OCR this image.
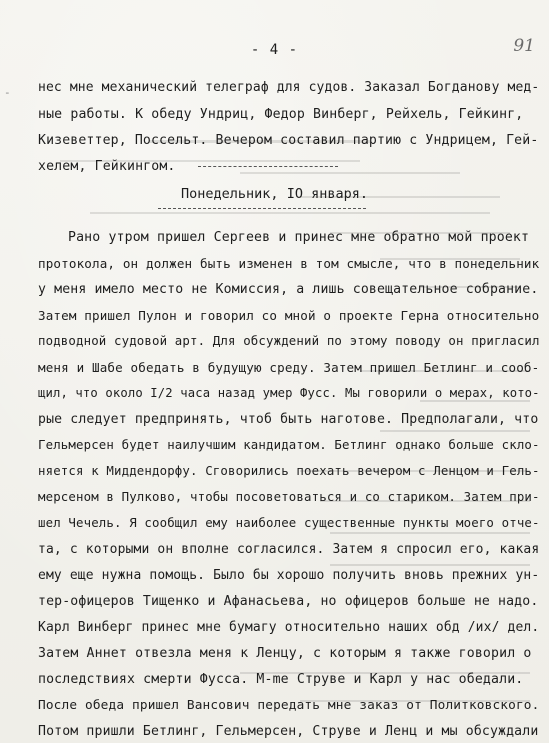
- 4 -	91
- нес мне механический телеграф для судов. Заказал Богданову мед-
ные работы. К обеду Ундриц, Федор Винберг, Рейхель, Гейкинг,
Кизеветтер, Поссельт. Вечером составил партию с Ундрицем, Гей-
хелем, Гейкингом.
Понедельник, IO января.
Рано утром пришел Сергеев и принес мне обратно мой проект
протокола, он должен быть изменен в том смысле, что в понедельник
у меня имело место не Комиссия, а лишь совещательное собрание.
Затем пришел Пулон и говорил со мной о проекте Герна относительно
подводной судовой арт. Для обсуждений по этому поводу он пригласил
меня и Шабе обедать в будущую среду. Затем пришел Бетлинг и сооб-
щил, что около I/2 часа назад умер Фусс. Мы говорили о мерах, кото-
рые следует предпринять, чтоб быть наготове. Предполагали, что
Гельмерсен будет наилучшим кандидатом. Бетлинг однако больше скло-
няется к Миддендорфу. Сговорились поехать вечером с Ленцом и Гель-
мерсеном в Пулково, чтобы посоветоваться и со стариком. Затем при-
шел Чечель. Я сообщил ему наиболее существенные пункты моего отче-
та, с которыми он вполне согласился. Затем я спросил его, какая
ему еще нужна помощь. Было бы хорошо получить вновь прежних ун-
тер-офицеров Тищенко и Афанасьева, но офицеров больше не надо.
Карл Винберг принес мне бумагу относительно наших обд /их/ дел.
Затем Аннет отвезла меня к Ленцу, с которым я также говорил о
последствиях смерти Фусса. M-me Струве и Карл у нас обедали.
После обеда пришел Вансович передать мне заказ от Политковского.
Потом пришли Бетлинг, Гельмерсен, Струве и Ленц и мы обсуждали
